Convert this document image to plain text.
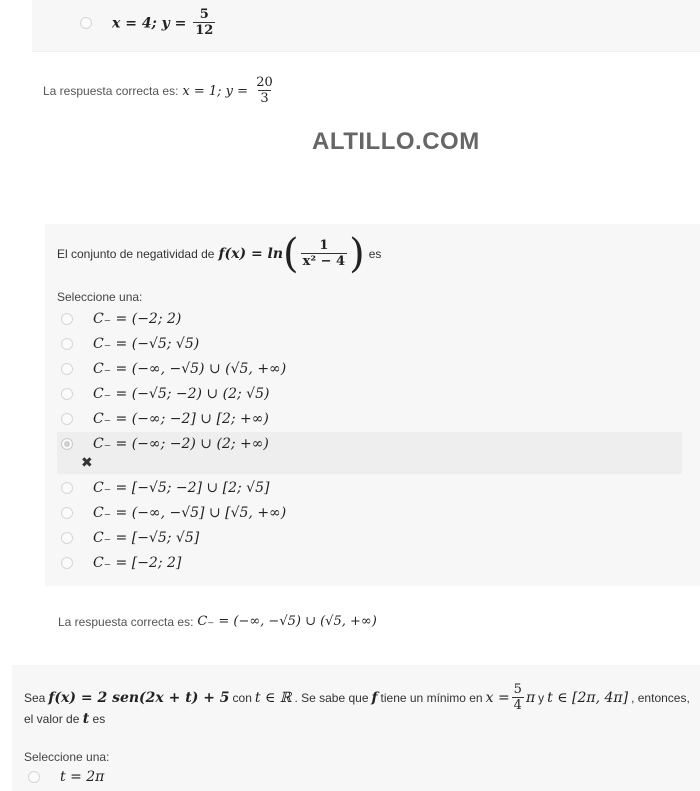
x = 4; $y = \frac{5}{12}$
La respuesta correcta es: x = 1; $y = \frac{20}{3}$
ALTILLO.COM
El conjunto de negatividad de f(x) = ln ( $\frac{1}{\text{x² − 4}}$ ) es
Seleccione una:
C₋ = (−2; 2)
C₋ = (−√5; √5)
C₋ = (−∞, −√5) ∪ (√5, +∞)
C₋ = (−√5; −2) ∪ (2; √5)
C₋ = (−∞; −2] ∪ [2; +∞)
C₋ = (−∞; −2) ∪ (2; +∞)
✖
C₋ = [−√5; −2] ∪ [2; √5]
C₋ = (−∞, −√5] ∪ [√5, +∞)
C₋ = [−√5; √5]
C₋ = [−2; 2]
La respuesta correcta es: C₋ = (−∞, −√5) ∪ (√5, +∞)
Sea f(x) = 2 sen(2x + t) + 5 con t ∈ ℝ . Se sabe que f tiene un mínimo en $x = \frac{5}{4}$ π y t ∈ [2π, 4π] , entonces,
el valor de t es
Seleccione una:
t = 2π
